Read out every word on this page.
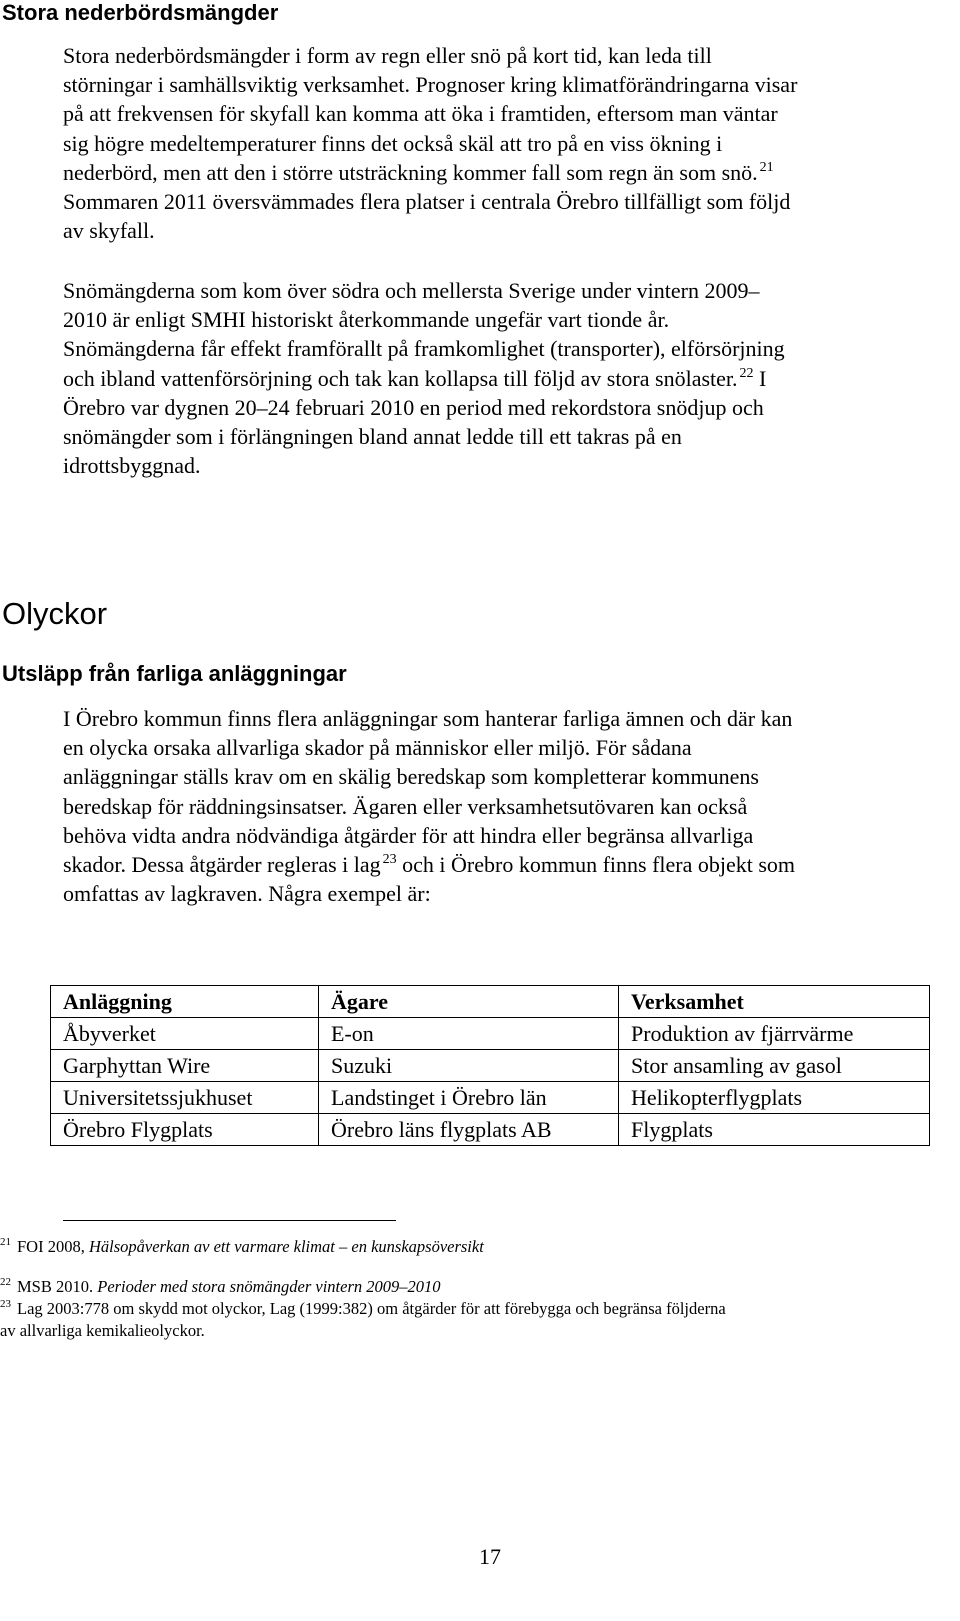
Stora nederbördsmängder
Stora nederbördsmängder i form av regn eller snö på kort tid, kan leda till
störningar i samhällsviktig verksamhet. Prognoser kring klimatförändringarna visar
på att frekvensen för skyfall kan komma att öka i framtiden, eftersom man väntar
sig högre medeltemperaturer finns det också skäl att tro på en viss ökning i
nederbörd, men att den i större utsträckning kommer fall som regn än som snö. $^{21}$
Sommaren 2011 översvämmades flera platser i centrala Örebro tillfälligt som följd
av skyfall.
Snömängderna som kom över södra och mellersta Sverige under vintern 2009–
2010 är enligt SMHI historiskt återkommande ungefär vart tionde år.
Snömängderna får effekt framförallt på framkomlighet (transporter), elförsörjning
och ibland vattenförsörjning och tak kan kollapsa till följd av stora snölaster. $^{22}$ I
Örebro var dygnen 20–24 februari 2010 en period med rekordstora snödjup och
snömängder som i förlängningen bland annat ledde till ett takras på en
idrottsbyggnad.
Olyckor
Utsläpp från farliga anläggningar
I Örebro kommun finns flera anläggningar som hanterar farliga ämnen och där kan
en olycka orsaka allvarliga skador på människor eller miljö. För sådana
anläggningar ställs krav om en skälig beredskap som kompletterar kommunens
beredskap för räddningsinsatser. Ägaren eller verksamhetsutövaren kan också
behöva vidta andra nödvändiga åtgärder för att hindra eller begränsa allvarliga
skador. Dessa åtgärder regleras i lag $^{23}$ och i Örebro kommun finns flera objekt som
omfattas av lagkraven. Några exempel är:
Anläggning	Ägare	Verksamhet
Åbyverket	E-on	Produktion av fjärrvärme
Garphyttan Wire	Suzuki	Stor ansamling av gasol
Universitetssjukhuset	Landstinget i Örebro län	Helikopterflygplats
Örebro Flygplats	Örebro läns flygplats AB	Flygplats

$^{21}$ FOI 2008, Hälsopåverkan av ett varmare klimat – en kunskapsöversikt

$^{22}$ MSB 2010. Perioder med stora snömängder vintern 2009–2010

$^{23}$ Lag 2003:778 om skydd mot olyckor, Lag (1999:382) om åtgärder för att förebygga och begränsa följderna
av allvarliga kemikalieolyckor.

17
